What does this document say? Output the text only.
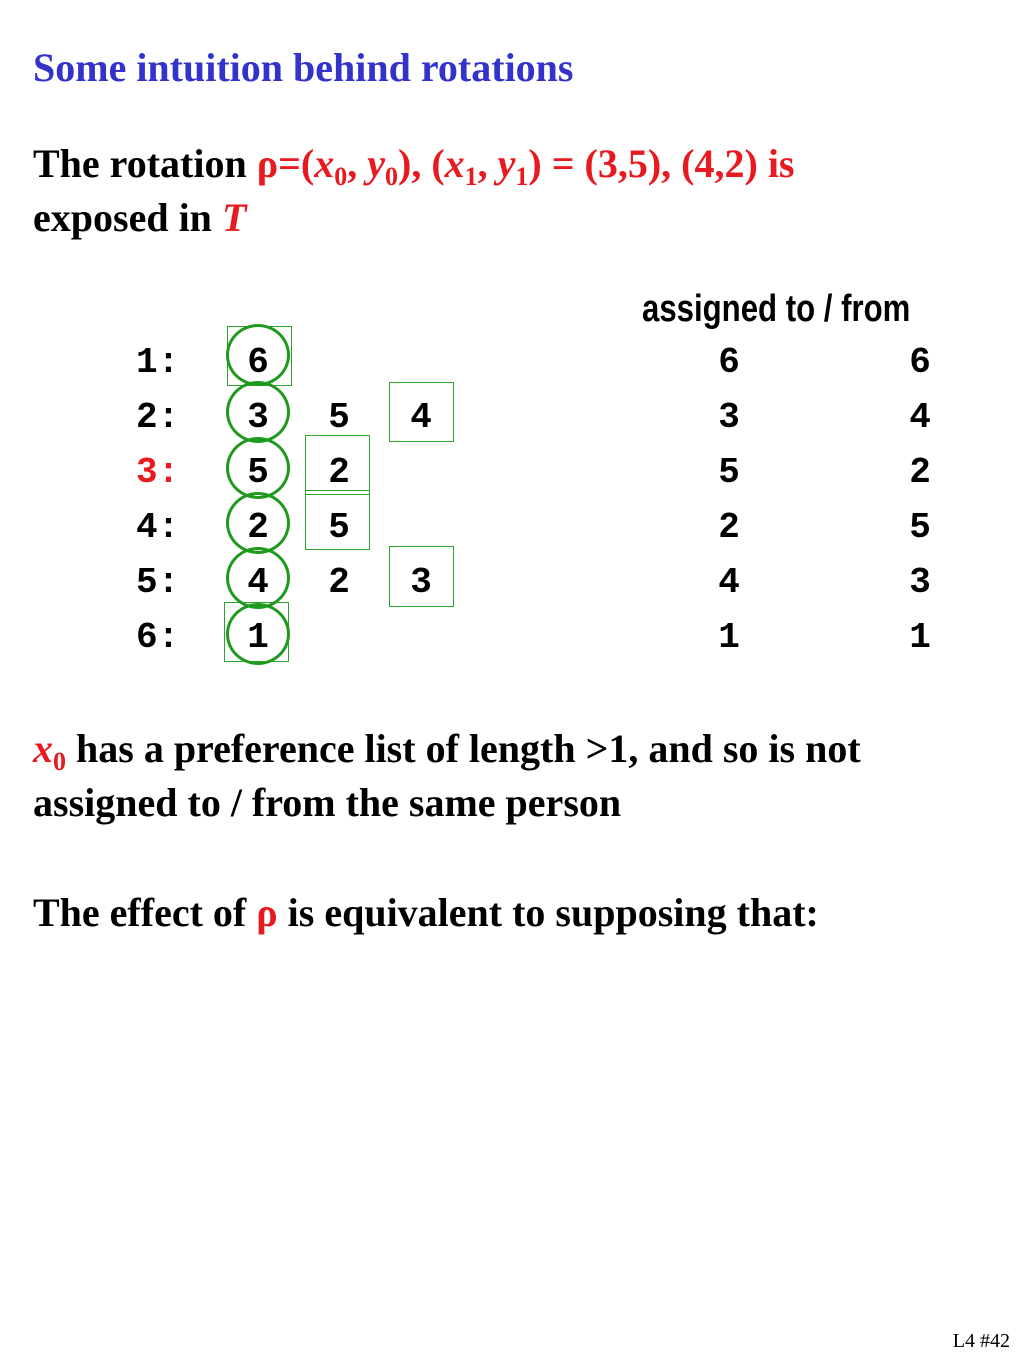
Some intuition behind rotations
The rotation $\rho=(x_0$, $y_0$), ($x_1$, $y_1) = (3,5)$, (4,2) is
exposed in T
assigned to / from
1: 6	6	6
2: 3 5 4	3	4
3: 5 2	5	2
4: 2 5	2	5
5: 4 2 3	4	3
6: 1	1	1
$x_0$ has a preference list of length >1, and so is not
assigned to / from the same person
The effect of ρ is equivalent to supposing that:
L4 #42
